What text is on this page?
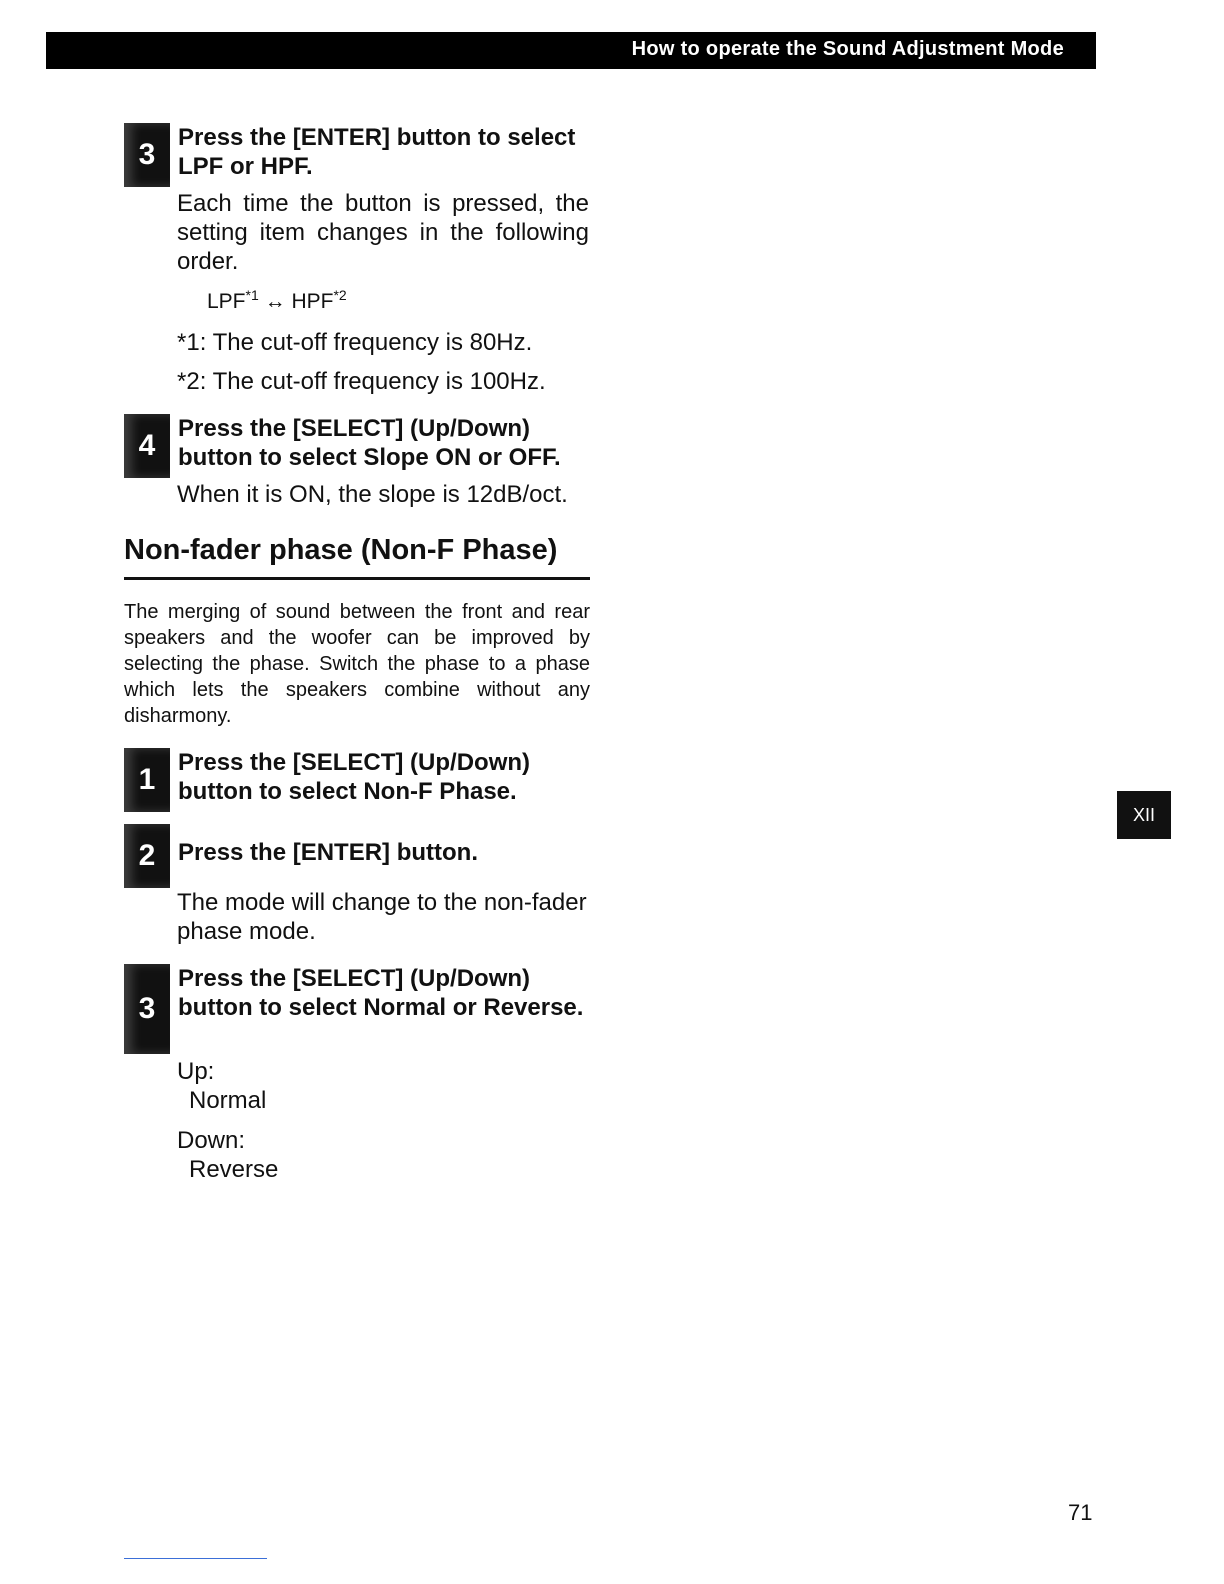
How to operate the Sound Adjustment Mode
3
Press the [ENTER] button to select LPF or HPF.
Each time the button is pressed, the setting item changes in the following order.
LPF$^{*1}$ ↔ HPF$^{*2}$
*1: The cut-off frequency is 80Hz.
*2: The cut-off frequency is 100Hz.
4
Press the [SELECT] (Up/Down) button to select Slope ON or OFF.
When it is ON, the slope is 12dB/oct.
Non-fader phase (Non-F Phase)
The merging of sound between the front and rear speakers and the woofer can be improved by selecting the phase. Switch the phase to a phase which lets the speakers combine without any disharmony.
1
Press the [SELECT] (Up/Down) button to select Non-F Phase.
2 Press the [ENTER] button.
The mode will change to the non-fader phase mode.
3
Press the [SELECT] (Up/Down) button to select Normal or Reverse.
Up:
Normal
Down:
Reverse
XII
71
